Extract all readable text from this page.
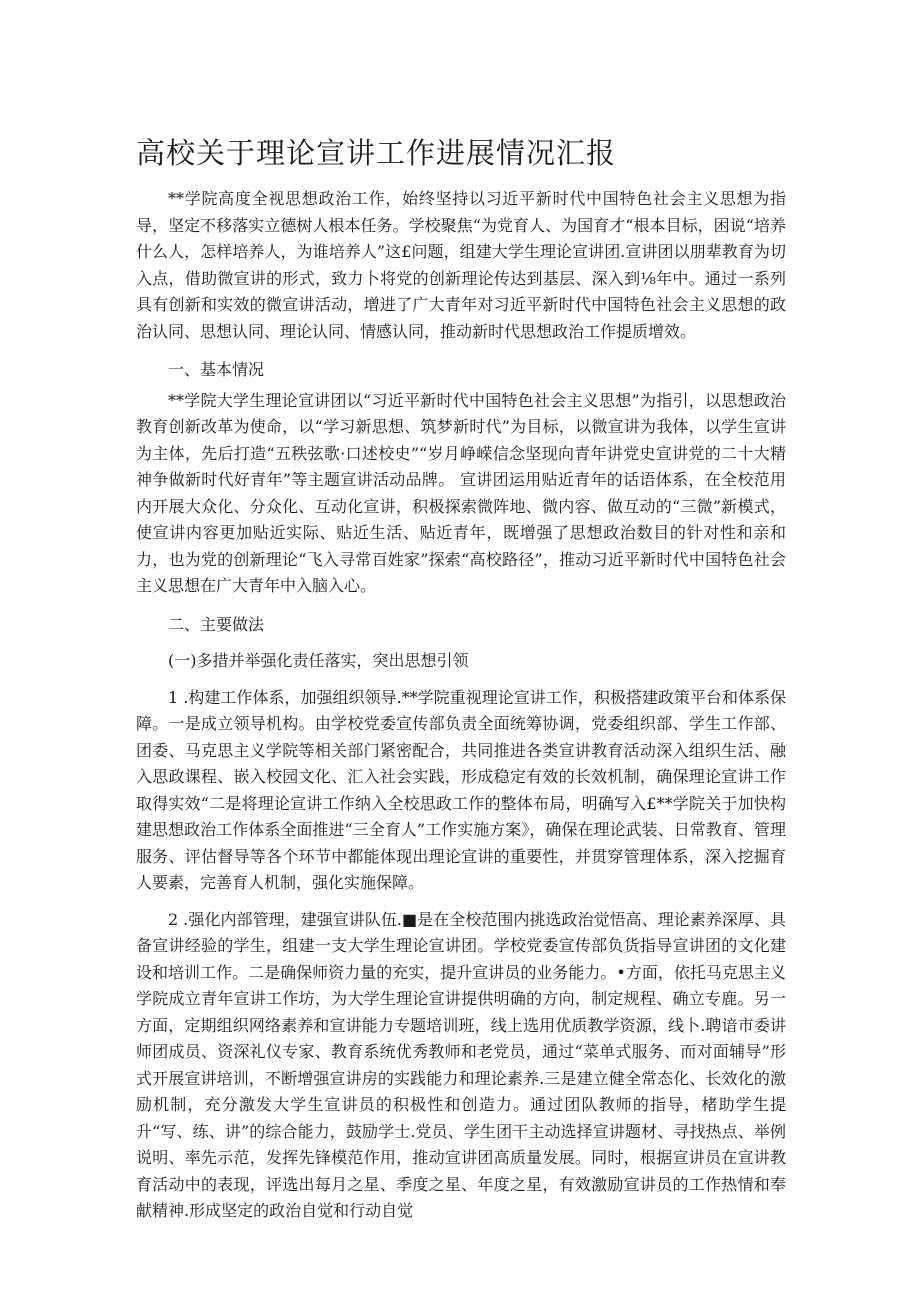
高校关于理论宣讲工作进展情况汇报

**学院高度全视思想政治工作，始终坚持以习近平新时代中国特色社会主义思想为指导，坚定不移落实立德树人根本任务。学校聚焦“为党育人、为国育才“根本目标，困说“培养什么人，怎样培养人，为谁培养人”这£问题，组建大学生理论宣讲团.宣讲团以朋辈教育为切入点，借助微宣讲的形式，致力卜将党的创新理论传达到基层、深入到⅛年中。通过一系列具有创新和实效的微宣讲活动，增进了广大青年对习近平新时代中国特色社会主义思想的政治认同、思想认同、理论认同、情感认同，推动新时代思想政治工作提质增效。

一、基本情况

**学院大学生理论宣讲团以“习近平新时代中国特色社会主义思想”为指引，以思想政治教育创新改革为使命，以“学习新思想、筑梦新时代”为目标，以微宣讲为我体，以学生宣讲为主体，先后打造“五秩弦歌·口述校史”“岁月峥嵘信念坚现向青年讲党史宣讲党的二十大精神争做新时代好青年”等主题宣讲活动品牌。 宣讲团运用贴近青年的话语体系，在全校范用内开展大众化、分众化、互动化宣讲，积极探索微阵地、微内容、做互动的“三微”新模式，使宣讲内容更加贴近实际、贴近生活、贴近青年，既增强了思想政治数目的针对性和亲和力，也为党的创新理论“飞入寻常百姓家”探索“高校路径”，推动习近平新时代中国特色社会主义思想在广大青年中入脑入心。

二、主要做法

(一)多措并举强化责任落实，突出思想引领

1 .构建工作体系，加强组织领导.**学院重视理论宣讲工作，积极搭建政策平台和体系保障。一是成立领导机构。由学校党委宣传部负责全面统筹协调，党委组织部、学生工作部、团委、马克思主义学院等相关部门紧密配合，共同推进各类宣讲教育活动深入组织生活、融入思政课程、嵌入校园文化、汇入社会实践，形成稳定有效的长效机制，确保理论宣讲工作取得实效“二是将理论宣讲工作纳入全校思政工作的整体布局，明确写入£**学院关于加快构建思想政治工作体系全面推进“三全育人”工作实施方案》，确保在理论武装、日常教育、管理服务、评估督导等各个环节中都能体现出理论宣讲的重要性，并贯穿管理体系，深入挖掘育人要素，完善育人机制，强化实施保障。

2 .强化内部管理，建强宣讲队伍.■是在全校范围内挑选政治觉悟高、理论素养深厚、具备宣讲经验的学生，组建一支大学生理论宣讲团。学校党委宣传部负货指导宣讲团的文化建设和培训工作。二是确保师资力量的充实，提升宣讲员的业务能力。•方面，依托马克思主义学院成立青年宣讲工作坊，为大学生理论宣讲提供明确的方向，制定规程、确立专鹿。另一方面，定期组织网络素养和宣讲能力专题培训班，线上选用优质教学资源，线卜.聘谙市委讲师团成员、资深礼仪专家、教育系统优秀教师和老党员，通过“菜单式服务、而对面辅导”形式开展宣讲培训，不断增强宣讲房的实践能力和理论素养.三是建立健全常态化、长效化的激励机制，充分激发大学生宣讲员的积极性和创造力。通过团队教师的指导，楮助学生提升“写、练、讲”的综合能力，鼓励学士.党员、学生团干主动选择宣讲题材、寻找热点、举例说明、率先示范，发挥先锋模范作用，推动宣讲团高质量发展。同时，根据宣讲员在宣讲教育活动中的表现，评选出每月之星、季度之星、年度之星，有效激励宣讲员的工作热情和奉献精神.形成坚定的政治自觉和行动自觉
